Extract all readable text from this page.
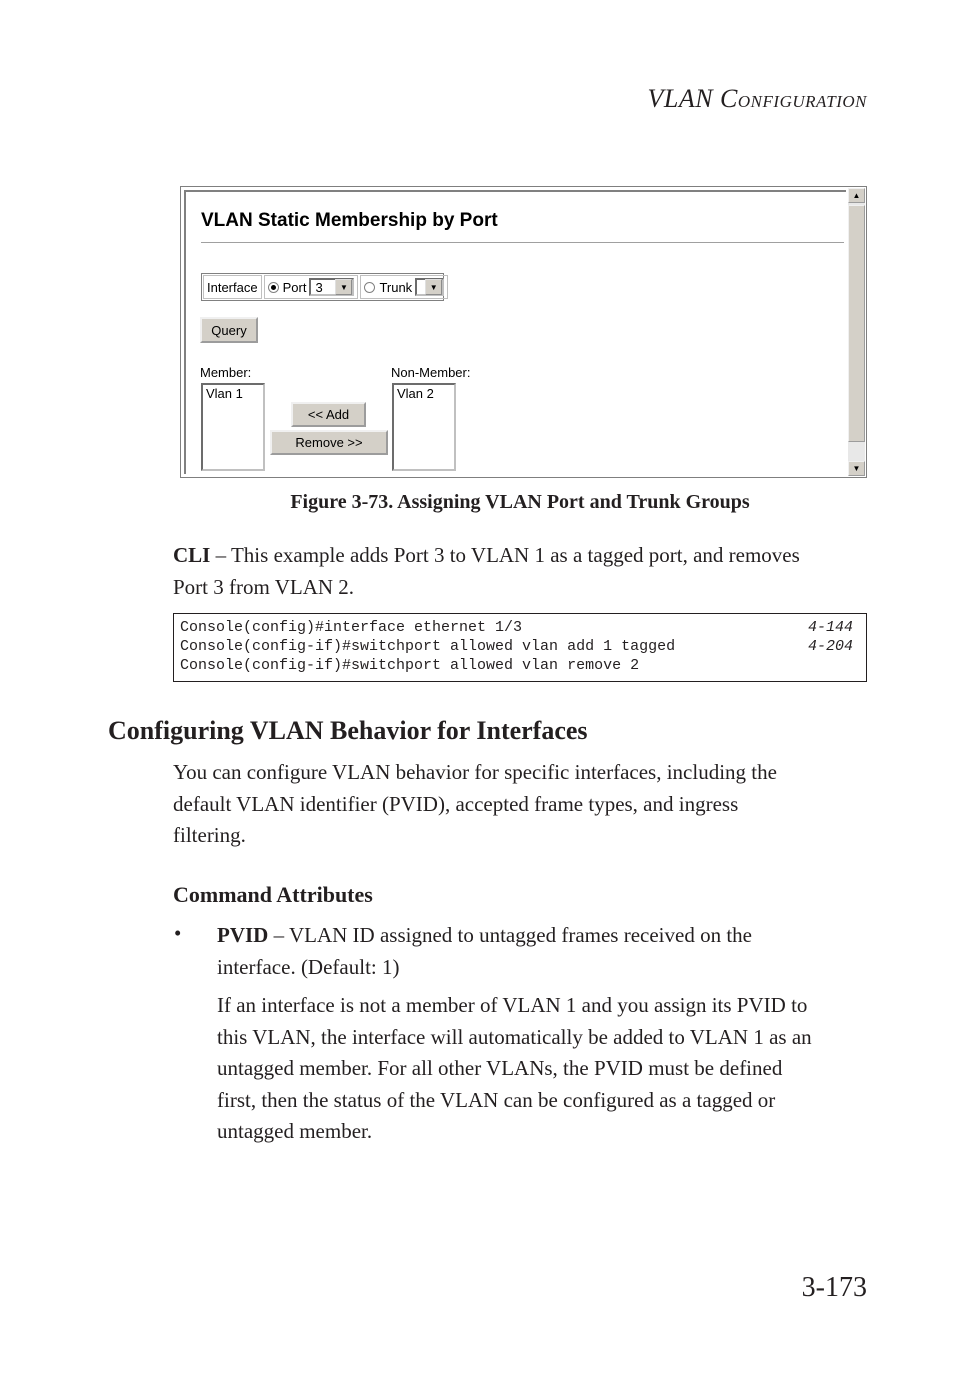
VLAN CONFIGURATION
VLAN Static Membership by Port
Interface	Port 3	▼	Trunk	▼
Query
Member:
Vlan 1
<< Add
Remove >>
Non-Member:
Vlan 2
▲
▼
Figure 3-73. Assigning VLAN Port and Trunk Groups
CLI – This example adds Port 3 to VLAN 1 as a tagged port, and removes
Port 3 from VLAN 2.
Console(config)#interface ethernet 1/3	4-144
Console(config-if)#switchport allowed vlan add 1 tagged	4-204
Console(config-if)#switchport allowed vlan remove 2
Configuring VLAN Behavior for Interfaces
You can configure VLAN behavior for specific interfaces, including the
default VLAN identifier (PVID), accepted frame types, and ingress
filtering.
Command Attributes
• PVID – VLAN ID assigned to untagged frames received on the
interface. (Default: 1)
If an interface is not a member of VLAN 1 and you assign its PVID to
this VLAN, the interface will automatically be added to VLAN 1 as an
untagged member. For all other VLANs, the PVID must be defined
first, then the status of the VLAN can be configured as a tagged or
untagged member.
3-173
